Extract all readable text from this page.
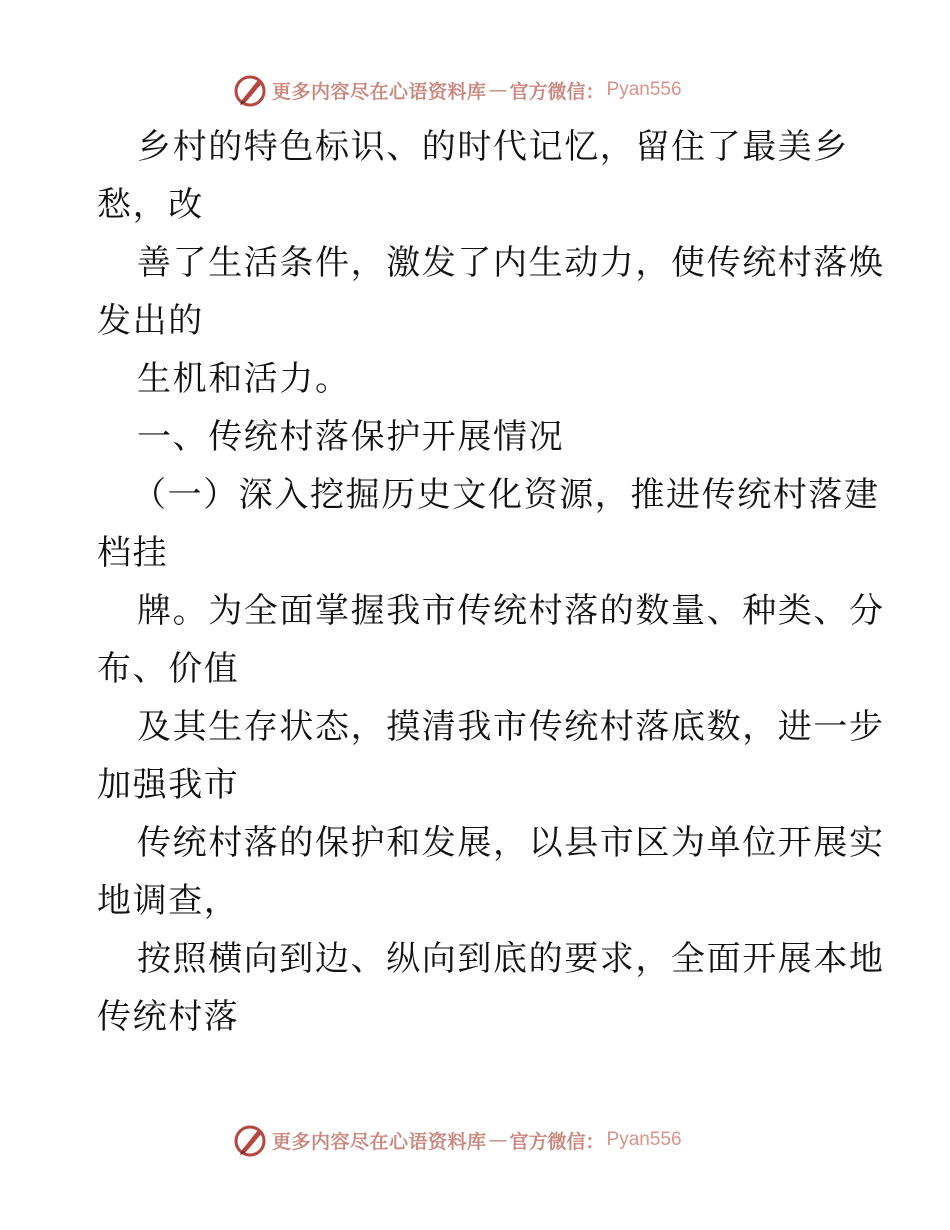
更多内容尽在心语资料库 — 官方微信： Pyan556
乡村的特色标识、的时代记忆，留住了最美乡
愁，改
善了生活条件，激发了内生动力，使传统村落焕
发出的
生机和活力。
一、传统村落保护开展情况
（一）深入挖掘历史文化资源，推进传统村落建
档挂
牌。为全面掌握我市传统村落的数量、种类、分
布、价值
及其生存状态，摸清我市传统村落底数，进一步
加强我市
传统村落的保护和发展，以县市区为单位开展实
地调查，
按照横向到边、纵向到底的要求，全面开展本地
传统村落
更多内容尽在心语资料库 — 官方微信： Pyan556
